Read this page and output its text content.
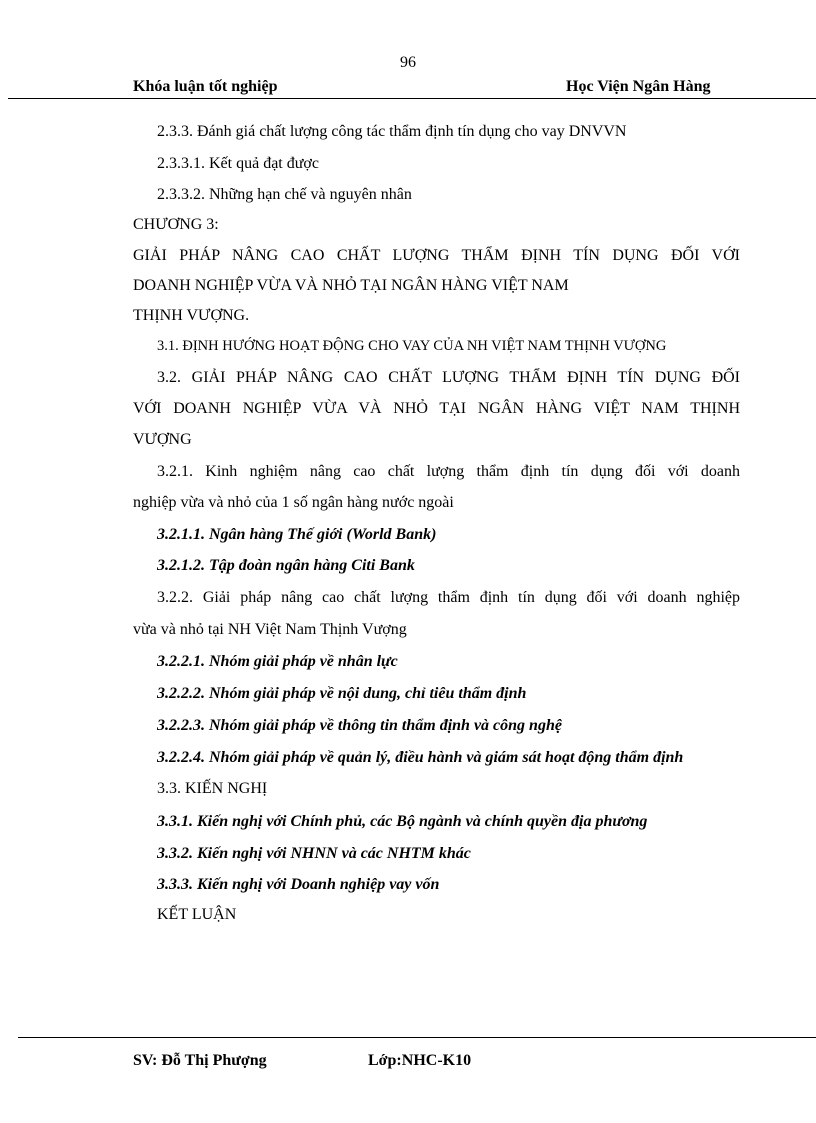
96
Khóa luận tốt nghiệp	Học Viện Ngân Hàng
2.3.3. Đánh giá chất lượng công tác thẩm định tín dụng cho vay DNVVN
2.3.3.1. Kết quả đạt được
2.3.3.2. Những hạn chế và nguyên nhân
CHƯƠNG 3:
GIẢI PHÁP NÂNG CAO CHẤT LƯỢNG THẨM ĐỊNH TÍN DỤNG ĐỐI VỚI
DOANH NGHIỆP VỪA VÀ NHỎ TẠI NGÂN HÀNG VIỆT NAM
THỊNH VƯỢNG.
3.1. ĐỊNH HƯỚNG HOẠT ĐỘNG CHO VAY CỦA NH VIỆT NAM THỊNH VƯỢNG
3.2. GIẢI PHÁP NÂNG CAO CHẤT LƯỢNG THẨM ĐỊNH TÍN DỤNG ĐỐI
VỚI DOANH NGHIỆP VỪA VÀ NHỎ TẠI NGÂN HÀNG VIỆT NAM THỊNH
VƯỢNG
3.2.1. Kinh nghiệm nâng cao chất lượng thẩm định tín dụng đối với doanh
nghiệp vừa và nhỏ của 1 số ngân hàng nước ngoài
3.2.1.1. Ngân hàng Thế giới (World Bank)
3.2.1.2. Tập đoàn ngân hàng Citi Bank
3.2.2. Giải pháp nâng cao chất lượng thẩm định tín dụng đối với doanh nghiệp
vừa và nhỏ tại NH Việt Nam Thịnh Vượng
3.2.2.1. Nhóm giải pháp về nhân lực
3.2.2.2. Nhóm giải pháp về nội dung, chỉ tiêu thẩm định
3.2.2.3. Nhóm giải pháp về thông tin thẩm định và công nghệ
3.2.2.4. Nhóm giải pháp về quản lý, điều hành và giám sát hoạt động thẩm định
3.3. KIẾN NGHỊ
3.3.1. Kiến nghị với Chính phủ, các Bộ ngành và chính quyền địa phương
3.3.2. Kiến nghị với NHNN và các NHTM khác
3.3.3. Kiến nghị với Doanh nghiệp vay vốn
KẾT LUẬN
SV: Đỗ Thị Phượng	Lớp:NHC-K10
